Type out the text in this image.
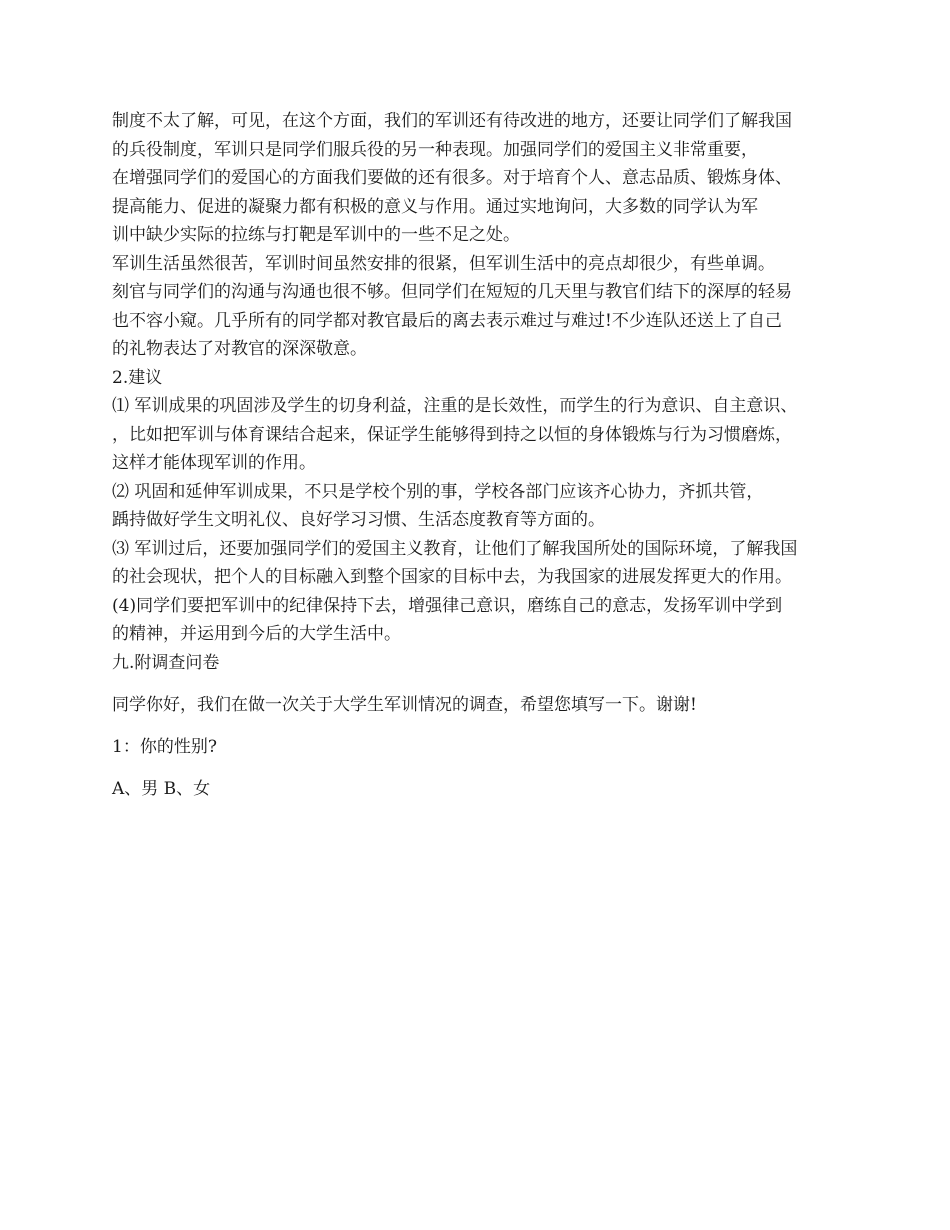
制度不太了解，可见，在这个方面，我们的军训还有待改进的地方，还要让同学们了解我国

的兵役制度，军训只是同学们服兵役的另一种表现。加强同学们的爱国主义非常重要，

在增强同学们的爱国心的方面我们要做的还有很多。对于培育个人、意志品质、锻炼身体、

提高能力、促进的凝聚力都有积极的意义与作用。通过实地询问，大多数的同学认为军

训中缺少实际的拉练与打靶是军训中的一些不足之处。

军训生活虽然很苦，军训时间虽然安排的很紧，但军训生活中的亮点却很少，有些单调。

刻官与同学们的沟通与沟通也很不够。但同学们在短短的几天里与教官们结下的深厚的轻易

也不容小窥。几乎所有的同学都对教官最后的离去表示难过与难过!不少连队还送上了自己

的礼物表达了对教官的深深敬意。

2.建议

⑴ 军训成果的巩固涉及学生的切身利益，注重的是长效性，而学生的行为意识、自主意识、

，比如把军训与体育课结合起来，保证学生能够得到持之以恒的身体锻炼与行为习惯磨炼，

这样才能体现军训的作用。

⑵ 巩固和延伸军训成果，不只是学校个别的事，学校各部门应该齐心协力，齐抓共管，

踽持做好学生文明礼仪、良好学习习惯、生活态度教育等方面的。

⑶ 军训过后，还要加强同学们的爱国主义教育，让他们了解我国所处的国际环境，了解我国

的社会现状，把个人的目标融入到整个国家的目标中去，为我国家的进展发挥更大的作用。

(4)同学们要把军训中的纪律保持下去，增强律己意识，磨练自己的意志，发扬军训中学到

的精神，并运用到今后的大学生活中。

九.附调查问卷

同学你好，我们在做一次关于大学生军训情况的调查，希望您填写一下。谢谢!

1：你的性别?

A、男 B、女
